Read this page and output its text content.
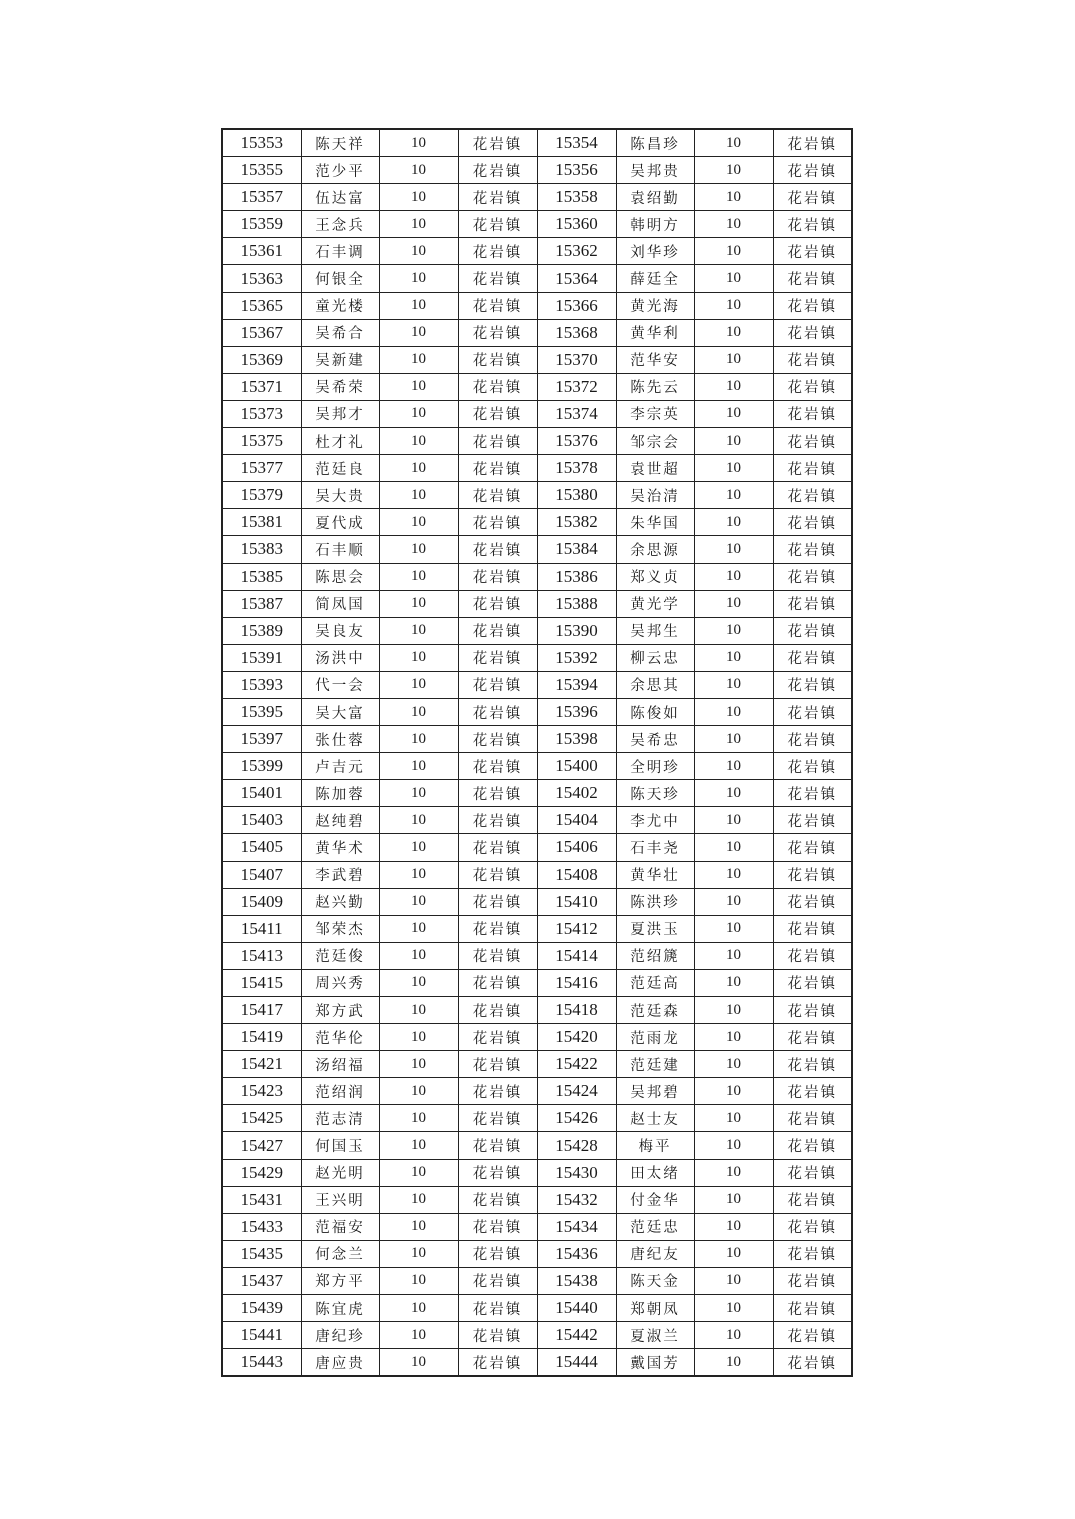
15353	陈天祥	10	花岩镇	15354	陈昌珍	10	花岩镇
15355	范少平	10	花岩镇	15356	吴邦贵	10	花岩镇
15357	伍达富	10	花岩镇	15358	袁绍勤	10	花岩镇
15359	王念兵	10	花岩镇	15360	韩明方	10	花岩镇
15361	石丰调	10	花岩镇	15362	刘华珍	10	花岩镇
15363	何银全	10	花岩镇	15364	薛廷全	10	花岩镇
15365	童光楼	10	花岩镇	15366	黄光海	10	花岩镇
15367	吴希合	10	花岩镇	15368	黄华利	10	花岩镇
15369	吴新建	10	花岩镇	15370	范华安	10	花岩镇
15371	吴希荣	10	花岩镇	15372	陈先云	10	花岩镇
15373	吴邦才	10	花岩镇	15374	李宗英	10	花岩镇
15375	杜才礼	10	花岩镇	15376	邹宗会	10	花岩镇
15377	范廷良	10	花岩镇	15378	袁世超	10	花岩镇
15379	吴大贵	10	花岩镇	15380	吴治清	10	花岩镇
15381	夏代成	10	花岩镇	15382	朱华国	10	花岩镇
15383	石丰顺	10	花岩镇	15384	余思源	10	花岩镇
15385	陈思会	10	花岩镇	15386	郑义贞	10	花岩镇
15387	简凤国	10	花岩镇	15388	黄光学	10	花岩镇
15389	吴良友	10	花岩镇	15390	吴邦生	10	花岩镇
15391	汤洪中	10	花岩镇	15392	柳云忠	10	花岩镇
15393	代一会	10	花岩镇	15394	余思其	10	花岩镇
15395	吴大富	10	花岩镇	15396	陈俊如	10	花岩镇
15397	张仕蓉	10	花岩镇	15398	吴希忠	10	花岩镇
15399	卢吉元	10	花岩镇	15400	全明珍	10	花岩镇
15401	陈加蓉	10	花岩镇	15402	陈天珍	10	花岩镇
15403	赵纯碧	10	花岩镇	15404	李尤中	10	花岩镇
15405	黄华术	10	花岩镇	15406	石丰尧	10	花岩镇
15407	李武碧	10	花岩镇	15408	黄华壮	10	花岩镇
15409	赵兴勤	10	花岩镇	15410	陈洪珍	10	花岩镇
15411	邹荣杰	10	花岩镇	15412	夏洪玉	10	花岩镇
15413	范廷俊	10	花岩镇	15414	范绍篪	10	花岩镇
15415	周兴秀	10	花岩镇	15416	范廷高	10	花岩镇
15417	郑方武	10	花岩镇	15418	范廷森	10	花岩镇
15419	范华伦	10	花岩镇	15420	范雨龙	10	花岩镇
15421	汤绍福	10	花岩镇	15422	范廷建	10	花岩镇
15423	范绍润	10	花岩镇	15424	吴邦碧	10	花岩镇
15425	范志清	10	花岩镇	15426	赵士友	10	花岩镇
15427	何国玉	10	花岩镇	15428	梅平	10	花岩镇
15429	赵光明	10	花岩镇	15430	田太绪	10	花岩镇
15431	王兴明	10	花岩镇	15432	付金华	10	花岩镇
15433	范福安	10	花岩镇	15434	范廷忠	10	花岩镇
15435	何念兰	10	花岩镇	15436	唐纪友	10	花岩镇
15437	郑方平	10	花岩镇	15438	陈天金	10	花岩镇
15439	陈宜虎	10	花岩镇	15440	郑朝凤	10	花岩镇
15441	唐纪珍	10	花岩镇	15442	夏淑兰	10	花岩镇
15443	唐应贵	10	花岩镇	15444	戴国芳	10	花岩镇
